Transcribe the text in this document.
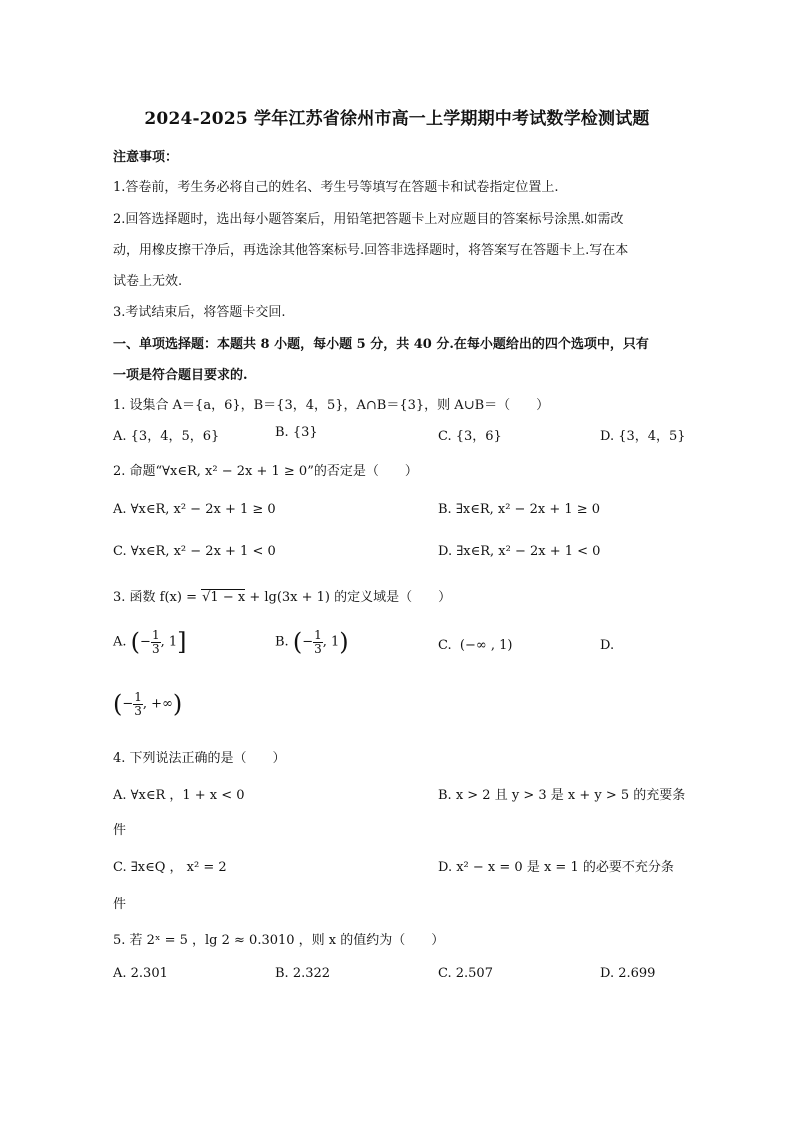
2024-2025 学年江苏省徐州市高一上学期期中考试数学检测试题
注意事项：
1.答卷前，考生务必将自己的姓名、考生号等填写在答题卡和试卷指定位置上.
2.回答选择题时，选出每小题答案后，用铅笔把答题卡上对应题目的答案标号涂黑.如需改
动，用橡皮擦干净后，再选涂其他答案标号.回答非选择题时，将答案写在答题卡上.写在本
试卷上无效.
3.考试结束后，将答题卡交回.
一、单项选择题：本题共 8 小题，每小题 5 分，共 40 分.在每小题给出的四个选项中，只有
一项是符合题目要求的.
1. 设集合 A＝{a，6}，B＝{3，4，5}，A∩B＝{3}，则 A∪B＝（　　）
A. {3，4，5，6}	B. {3}	C. {3，6}	D. {3，4，5}
2. 命题“∀x∈R, x² − 2x + 1 ≥ 0”的否定是（　　）
A. ∀x∈R, x² − 2x + 1 ≥ 0	B. ∃x∈R, x² − 2x + 1 ≥ 0
C. ∀x∈R, x² − 2x + 1 < 0	D. ∃x∈R, x² − 2x + 1 < 0
3. 函数 f(x) = √1 − x + lg(3x + 1) 的定义域是（　　）
A. (− $\frac{1}{3}$ , 1]	B. (− $\frac{1}{3}$ , 1)	C. (−∞ , 1)	D.
(− $\frac{1}{3}$ , +∞)
4. 下列说法正确的是（　　）
A. ∀x∈R ，1 + x < 0	B. x > 2 且 y > 3 是 x + y > 5 的充要条
件
C. ∃x∈Q ， x² = 2	D. x² − x = 0 是 x = 1 的必要不充分条
件
5. 若 2ˣ = 5 ，lg 2 ≈ 0.3010 ，则 x 的值约为（　　）
A. 2.301	B. 2.322	C. 2.507	D. 2.699
